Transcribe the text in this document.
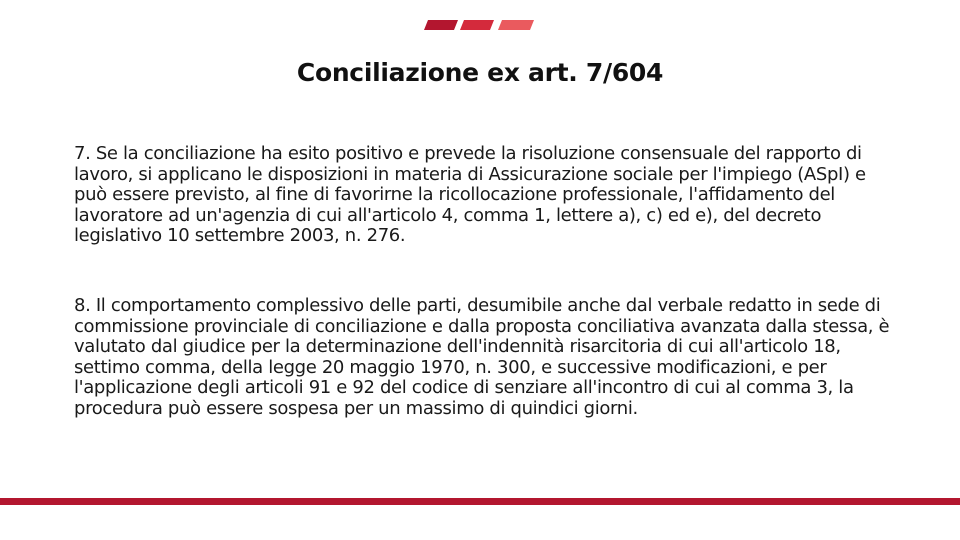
Conciliazione ex art. 7/604

7. Se la conciliazione ha esito positivo e prevede la risoluzione consensuale del rapporto di lavoro, si applicano le disposizioni in materia di Assicurazione sociale per l'impiego (ASpI) e può essere previsto, al fine di favorirne la ricollocazione professionale, l'affidamento del lavoratore ad un'agenzia di cui all'articolo 4, comma 1, lettere a), c) ed e), del decreto legislativo 10 settembre 2003, n. 276.

8. Il comportamento complessivo delle parti, desumibile anche dal verbale redatto in sede di commissione provinciale di conciliazione e dalla proposta conciliativa avanzata dalla stessa, è valutato dal giudice per la determinazione dell'indennità risarcitoria di cui all'articolo 18, settimo comma, della legge 20 maggio 1970, n. 300, e successive modificazioni, e per l'applicazione degli articoli 91 e 92 del codice di senziare all'incontro di cui al comma 3, la procedura può essere sospesa per un massimo di quindici giorni.
